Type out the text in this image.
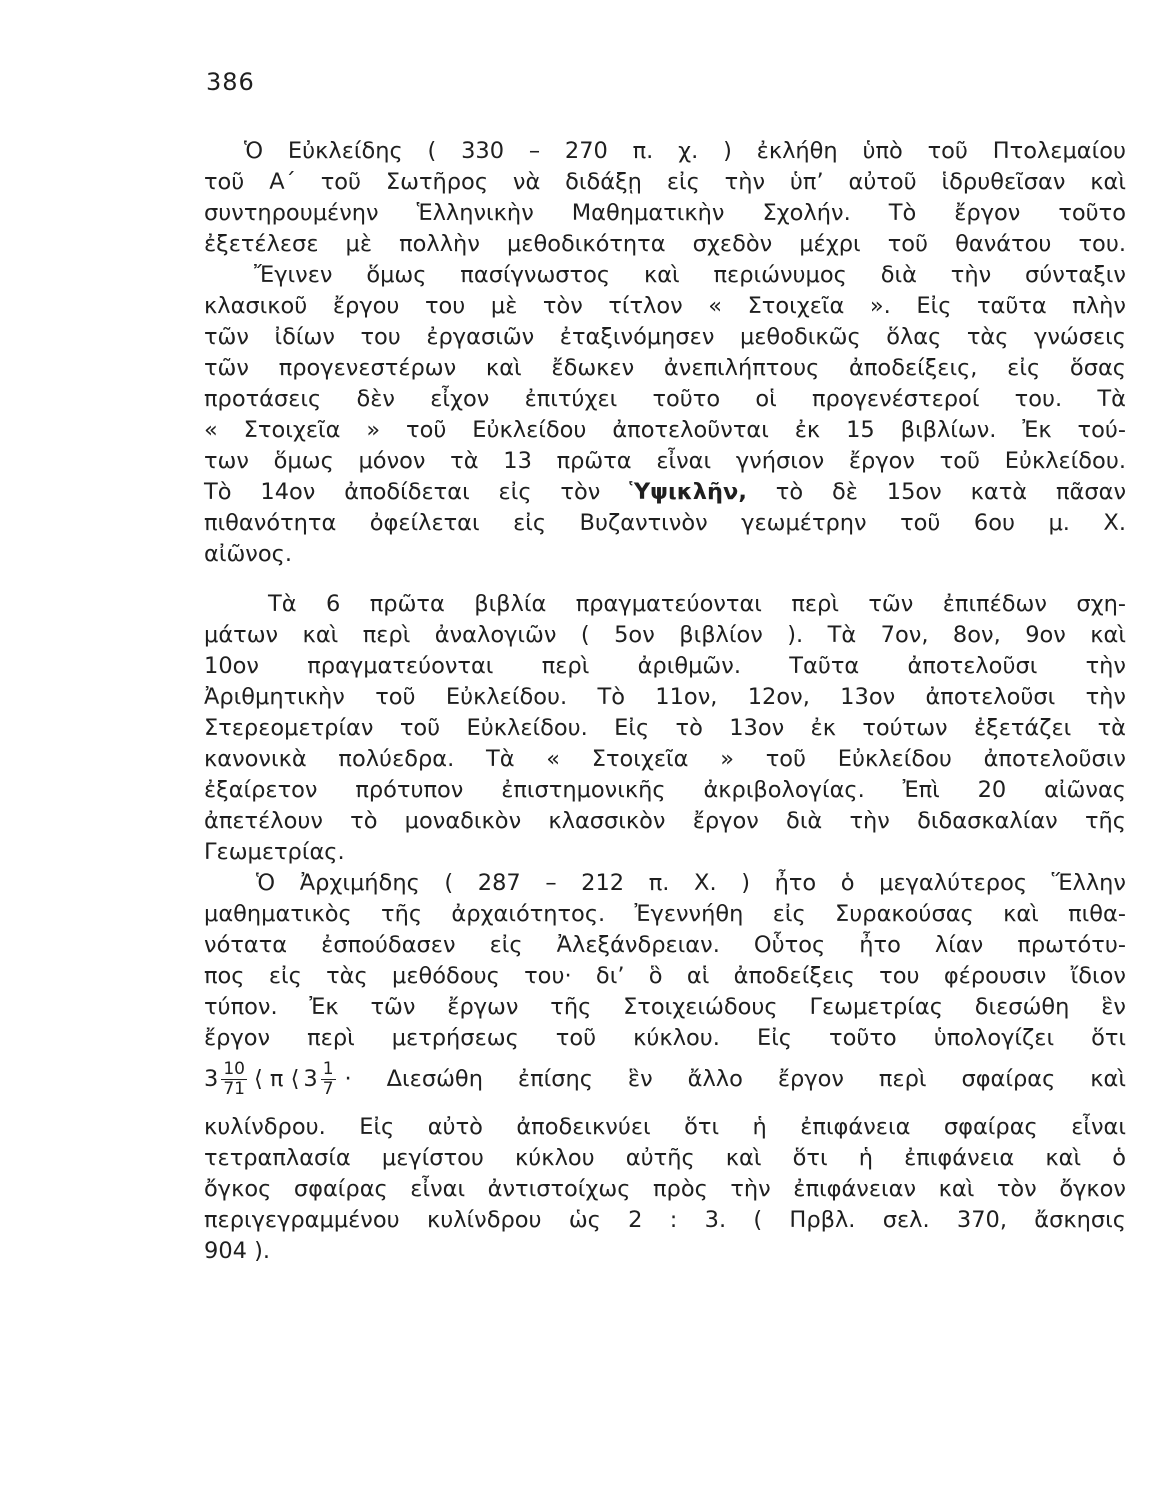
386
Ὁ Εὐκλείδης ( 330 – 270 π. χ. ) ἐκλήθη ὑπὸ τοῦ Πτολεμαίου
τοῦ Α΄ τοῦ Σωτῆρος νὰ διδάξῃ εἰς τὴν ὑπ’ αὐτοῦ ἱδρυθεῖσαν καὶ
συντηρουμένην Ἑλληνικὴν Μαθηματικὴν Σχολήν. Τὸ ἔργον τοῦτο
ἐξετέλεσε μὲ πολλὴν μεθοδικότητα σχεδὸν μέχρι τοῦ θανάτου του.
Ἔγινεν ὅμως πασίγνωστος καὶ περιώνυμος διὰ τὴν σύνταξιν
κλασικοῦ ἔργου του μὲ τὸν τίτλον « Στοιχεῖα ». Εἰς ταῦτα πλὴν
τῶν ἰδίων του ἐργασιῶν ἐταξινόμησεν μεθοδικῶς ὅλας τὰς γνώσεις
τῶν προγενεστέρων καὶ ἔδωκεν ἀνεπιλήπτους ἀποδείξεις, εἰς ὅσας
προτάσεις δὲν εἶχον ἐπιτύχει τοῦτο οἱ προγενέστεροί του. Τὰ
« Στοιχεῖα » τοῦ Εὐκλείδου ἀποτελοῦνται ἐκ 15 βιβλίων. Ἐκ τού-
των ὅμως μόνον τὰ 13 πρῶτα εἶναι γνήσιον ἔργον τοῦ Εὐκλείδου.
Τὸ 14ον ἀποδίδεται εἰς τὸν Ὑψικλῆν, τὸ δὲ 15ον κατὰ πᾶσαν
πιθανότητα ὀφείλεται εἰς Βυζαντινὸν γεωμέτρην τοῦ 6ου μ. Χ.
αἰῶνος.
Τὰ 6 πρῶτα βιβλία πραγματεύονται περὶ τῶν ἐπιπέδων σχη-
μάτων καὶ περὶ ἀναλογιῶν ( 5ον βιβλίον ). Τὰ 7ον, 8ον, 9ον καὶ
10ον πραγματεύονται περὶ ἀριθμῶν. Ταῦτα ἀποτελοῦσι τὴν
Ἀριθμητικὴν τοῦ Εὐκλείδου. Τὸ 11ον, 12ον, 13ον ἀποτελοῦσι τὴν
Στερεομετρίαν τοῦ Εὐκλείδου. Εἰς τὸ 13ον ἐκ τούτων ἐξετάζει τὰ
κανονικὰ πολύεδρα. Τὰ « Στοιχεῖα » τοῦ Εὐκλείδου ἀποτελοῦσιν
ἐξαίρετον πρότυπον ἐπιστημονικῆς ἀκριβολογίας. Ἐπὶ 20 αἰῶνας
ἀπετέλουν τὸ μοναδικὸν κλασσικὸν ἔργον διὰ τὴν διδασκαλίαν τῆς
Γεωμετρίας.
Ὁ Ἀρχιμήδης ( 287 – 212 π. Χ. ) ἦτο ὁ μεγαλύτερος Ἕλλην
μαθηματικὸς τῆς ἀρχαιότητος. Ἐγεννήθη εἰς Συρακούσας καὶ πιθα-
νότατα ἐσπούδασεν εἰς Ἀλεξάνδρειαν. Οὗτος ἦτο λίαν πρωτότυ-
πος εἰς τὰς μεθόδους του· δι’ ὃ αἱ ἀποδείξεις του φέρουσιν ἴδιον
τύπον. Ἐκ τῶν ἔργων τῆς Στοιχειώδους Γεωμετρίας διεσώθη ἓν
ἔργον περὶ μετρήσεως τοῦ κύκλου. Εἰς τοῦτο ὑπολογίζει ὅτι
$3 \frac{10}{71}$ ⟨ π ⟨ $3 \frac{1}{7} \cdot \Delta\iota\varepsilon\sigma ώ\theta\eta$ ἐπίσης ἓν ἄλλο ἔργον περὶ σφαίρας καὶ
κυλίνδρου. Εἰς αὐτὸ ἀποδεικνύει ὅτι ἡ ἐπιφάνεια σφαίρας εἶναι
τετραπλασία μεγίστου κύκλου αὐτῆς καὶ ὅτι ἡ ἐπιφάνεια καὶ ὁ
ὄγκος σφαίρας εἶναι ἀντιστοίχως πρὸς τὴν ἐπιφάνειαν καὶ τὸν ὄγκον
περιγεγραμμένου κυλίνδρου ὡς 2 : 3. ( Πρβλ. σελ. 370, ἄσκησις
904 ).
